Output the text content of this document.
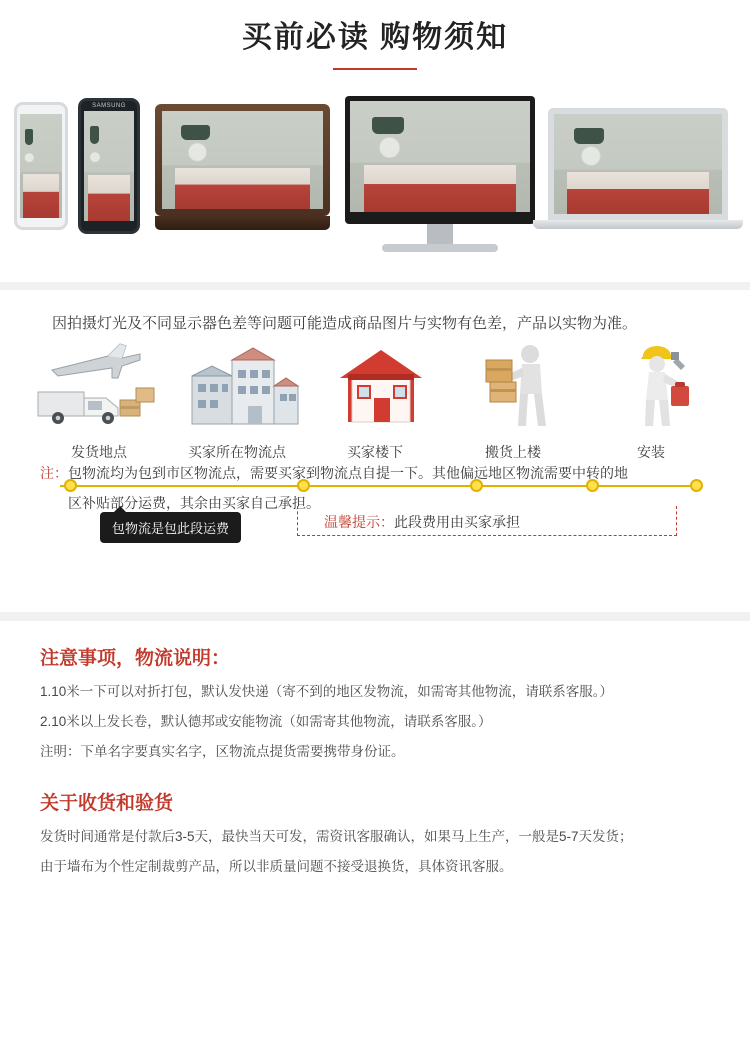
买前必读 购物须知
SAMSUNG
因拍摄灯光及不同显示器色差等问题可能造成商品图片与实物有色差，产品以实物为准。
发货地点	买家所在物流点	买家楼下	搬货上楼	安装
包物流是包此段运费	温馨提示：此段费用由买家承担
注：包物流均为包到市区物流点，需要买家到物流点自提一下。其他偏远地区物流需要中转的地
区补贴部分运费，其余由买家自己承担。
注意事项，物流说明：

1.10米一下可以对折打包，默认发快递（寄不到的地区发物流，如需寄其他物流，请联系客服。）

2.10米以上发长卷，默认德邦或安能物流（如需寄其他物流，请联系客服。）

注明：下单名字要真实名字，区物流点提货需要携带身份证。

关于收货和验货

发货时间通常是付款后3-5天，最快当天可发，需资讯客服确认，如果马上生产，一般是5-7天发货；

由于墙布为个性定制裁剪产品，所以非质量问题不接受退换货，具体资讯客服。
